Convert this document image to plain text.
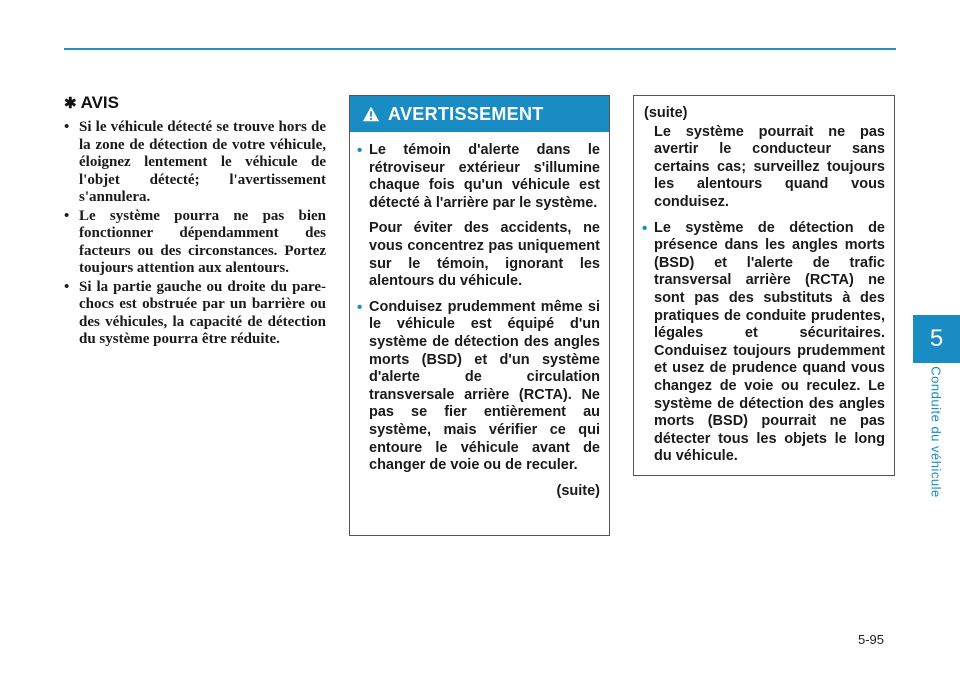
5
Conduite du véhicule
✱ AVIS
• Si le véhicule détecté se trouve hors de la zone de détection de votre véhicule, éloignez lentement le véhicule de l'objet détecté; l'avertissement s'annulera.
• Le système pourra ne pas bien fonctionner dépendamment des facteurs ou des circonstances. Portez toujours attention aux alentours.
• Si la partie gauche ou droite du pare-chocs est obstruée par un barrière ou des véhicules, la capacité de détection du système pourra être réduite.
AVERTISSEMENT
• Le témoin d'alerte dans le rétroviseur extérieur s'illumine chaque fois qu'un véhicule est détecté à l'arrière par le système.
Pour éviter des accidents, ne vous concentrez pas uniquement sur le témoin, ignorant les alentours du véhicule.
• Conduisez prudemment même si le véhicule est équipé d'un système de détection des angles morts (BSD) et d'un système d'alerte de circulation transversale arrière (RCTA). Ne pas se fier entièrement au système, mais vérifier ce qui entoure le véhicule avant de changer de voie ou de reculer.
(suite)
(suite)
Le système pourrait ne pas avertir le conducteur sans certains cas; surveillez toujours les alentours quand vous conduisez.
• Le système de détection de présence dans les angles morts (BSD) et l'alerte de trafic transversal arrière (RCTA) ne sont pas des substituts à des pratiques de conduite prudentes, légales et sécuritaires. Conduisez toujours prudemment et usez de prudence quand vous changez de voie ou reculez. Le système de détection des angles morts (BSD) pourrait ne pas détecter tous les objets le long du véhicule.
5-95
